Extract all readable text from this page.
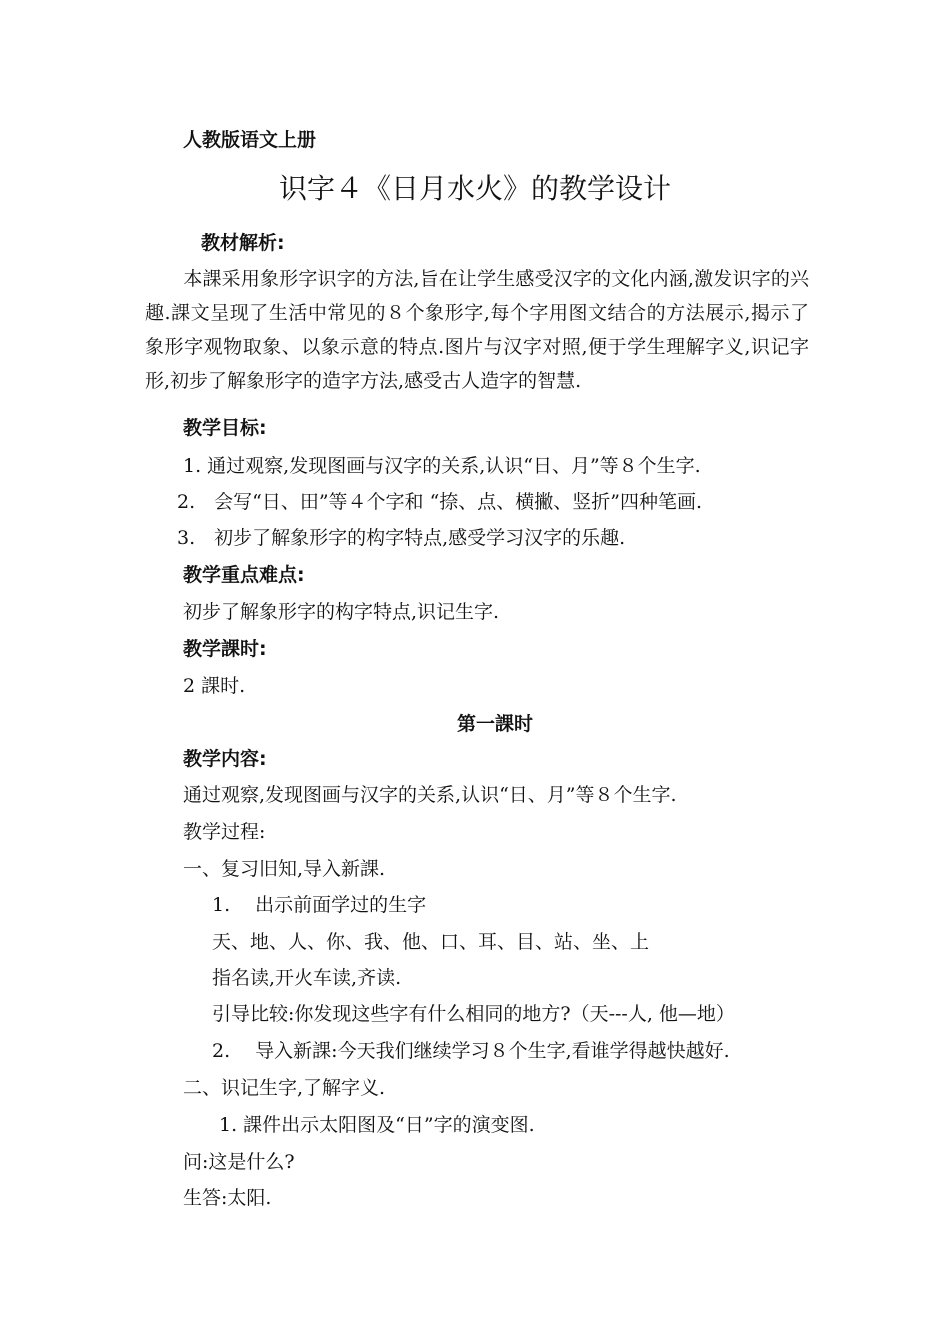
人教版语文上册
识字４《日月水火》的教学设计
教材解析:
　　本課采用象形字识字的方法,旨在让学生感受汉字的文化内涵,激发识字的兴
趣.課文呈现了生活中常见的８个象形字,每个字用图文结合的方法展示,揭示了
象形字观物取象、以象示意的特点.图片与汉字对照,便于学生理解字义,识记字
形,初步了解象形字的造字方法,感受古人造字的智慧.
教学目标:
1. 通过观察,发现图画与汉字的关系,认识“日、月”等８个生字.
2.　会写“日、田”等４个字和 “捺、点、横撇、竖折”四种笔画.
3.　初步了解象形字的构字特点,感受学习汉字的乐趣.
教学重点难点:
初步了解象形字的构字特点,识记生字.
教学課时:
2 課时.
第一課时
教学内容:
通过观察,发现图画与汉字的关系,认识“日、月”等８个生字.
教学过程:
一、复习旧知,导入新課.
1.　 出示前面学过的生字
天、地、人、你、我、他、口、耳、目、站、坐、上
指名读,开火车读,齐读.
引导比较:你发现这些字有什么相同的地方?（天---人, 他—地）
2.　 导入新課:今天我们继续学习８个生字,看谁学得越快越好.
二、识记生字,了解字义.
1. 課件出示太阳图及“日”字的演变图.
问:这是什么?
生答:太阳.
